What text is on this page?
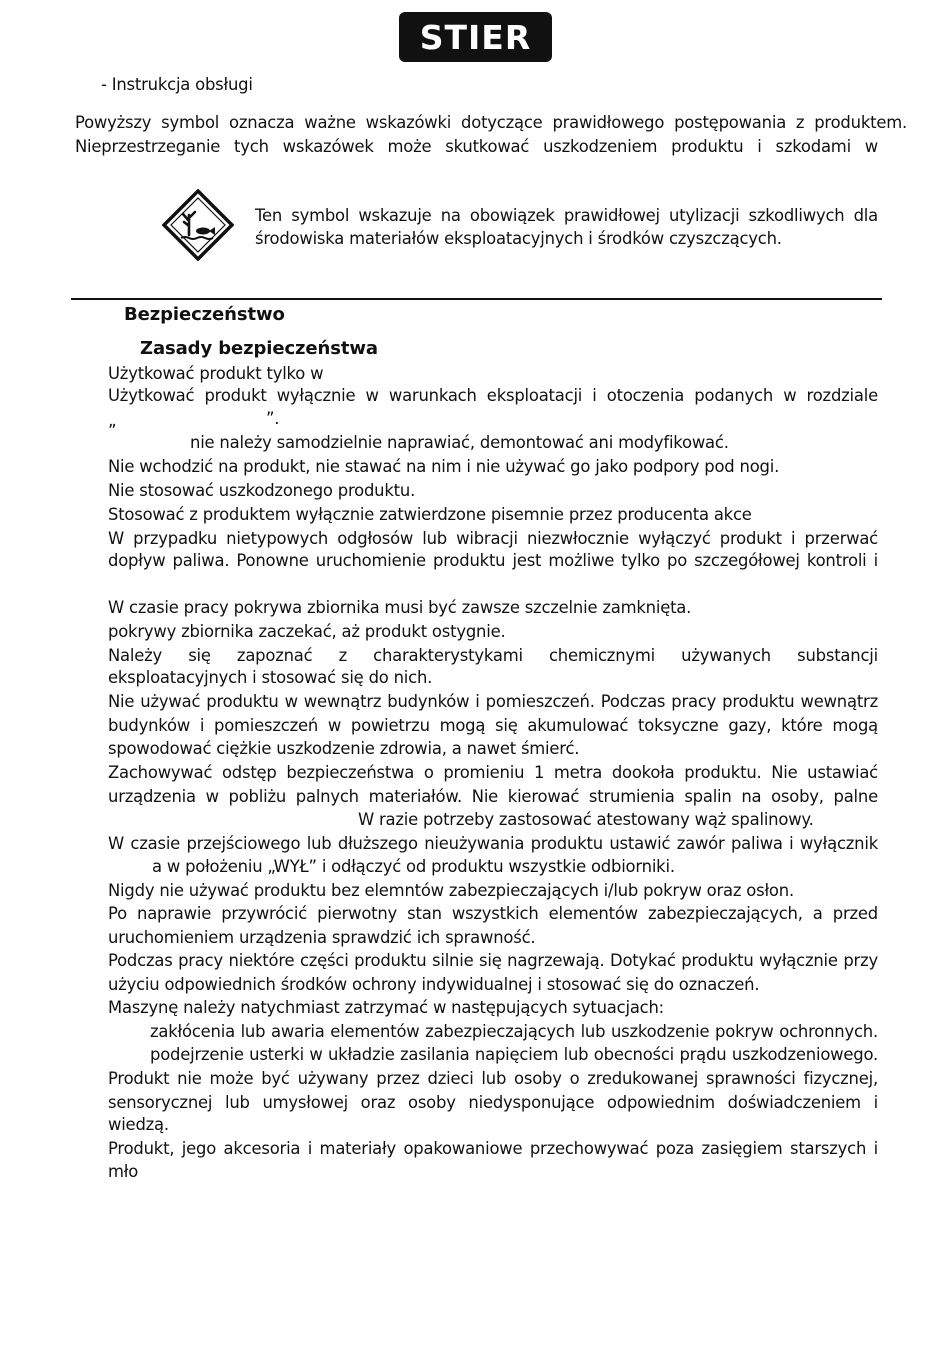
STIER
- Instrukcja obsługi
Powyższy symbol oznacza ważne wskazówki dotyczące prawidłowego postępowania z produktem.
Nieprzestrzeganie tych wskazówek może skutkować uszkodzeniem produktu i szkodami w
Ten symbol wskazuje na obowiązek prawidłowej utylizacji szkodliwych dla
środowiska materiałów eksploatacyjnych i środków czyszczących.
Bezpieczeństwo
Zasady bezpieczeństwa
Użytkować produkt tylko w
Użytkować produkt wyłącznie w warunkach eksploatacji i otoczenia podanych w rozdziale
„	”.
nie należy samodzielnie naprawiać, demontować ani modyfikować.
Nie wchodzić na produkt, nie stawać na nim i nie używać go jako podpory pod nogi.
Nie stosować uszkodzonego produktu.
Stosować z produktem wyłącznie zatwierdzone pisemnie przez producenta akce
W przypadku nietypowych odgłosów lub wibracji niezwłocznie wyłączyć produkt i przerwać
dopływ paliwa. Ponowne uruchomienie produktu jest możliwe tylko po szczegółowej kontroli i
W czasie pracy pokrywa zbiornika musi być zawsze szczelnie zamknięta.
pokrywy zbiornika zaczekać, aż produkt ostygnie.
Należy się zapoznać z charakterystykami chemicznymi używanych substancji
eksploatacyjnych i stosować się do nich.
Nie używać produktu w wewnątrz budynków i pomieszczeń. Podczas pracy produktu wewnątrz
budynków i pomieszczeń w powietrzu mogą się akumulować toksyczne gazy, które mogą
spowodować ciężkie uszkodzenie zdrowia, a nawet śmierć.
Zachowywać odstęp bezpieczeństwa o promieniu 1 metra dookoła produktu. Nie ustawiać
urządzenia w pobliżu palnych materiałów. Nie kierować strumienia spalin na osoby, palne
W razie potrzeby zastosować atestowany wąż spalinowy.
W czasie przejściowego lub dłuższego nieużywania produktu ustawić zawór paliwa i wyłącznik
a w położeniu „WYŁ” i odłączyć od produktu wszystkie odbiorniki.
Nigdy nie używać produktu bez elemntów zabezpieczających i/lub pokryw oraz osłon.
Po naprawie przywrócić pierwotny stan wszystkich elementów zabezpieczających, a przed
uruchomieniem urządzenia sprawdzić ich sprawność.
Podczas pracy niektóre części produktu silnie się nagrzewają. Dotykać produktu wyłącznie przy
użyciu odpowiednich środków ochrony indywidualnej i stosować się do oznaczeń.
Maszynę należy natychmiast zatrzymać w następujących sytuacjach:
zakłócenia lub awaria elementów zabezpieczających lub uszkodzenie pokryw ochronnych.
podejrzenie usterki w układzie zasilania napięciem lub obecności prądu uszkodzeniowego.
Produkt nie może być używany przez dzieci lub osoby o zredukowanej sprawności fizycznej,
sensorycznej lub umysłowej oraz osoby niedysponujące odpowiednim doświadczeniem i
wiedzą.
Produkt, jego akcesoria i materiały opakowaniowe przechowywać poza zasięgiem starszych i
mło
